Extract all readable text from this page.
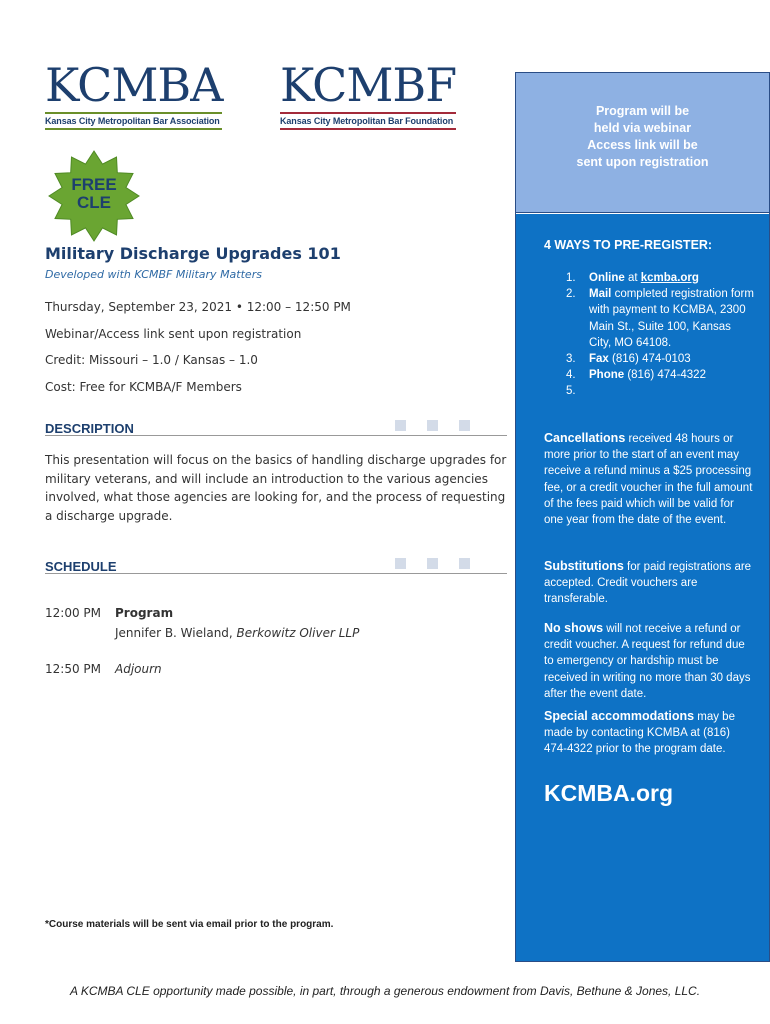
KCMBA
Kansas City Metropolitan Bar Association
KCMBF
Kansas City Metropolitan Bar Foundation
FREE
CLE
Military Discharge Upgrades 101
Developed with KCMBF Military Matters
Thursday, September 23, 2021 • 12:00 – 12:50 PM
Webinar/Access link sent upon registration
Credit: Missouri – 1.0 / Kansas – 1.0
Cost: Free for KCMBA/F Members
DESCRIPTION
This presentation will focus on the basics of handling discharge upgrades for military veterans, and will include an introduction to the various agencies involved, what those agencies are looking for, and the process of requesting a discharge upgrade.
SCHEDULE
12:00 PM	Program
Jennifer B. Wieland, Berkowitz Oliver LLP
12:50 PM	Adjourn
*Course materials will be sent via email prior to the program.
Program will be
held via webinar
Access link will be
sent upon registration
4 WAYS TO PRE-REGISTER:
1. Online at kcmba.org
2. Mail completed registration form with payment to KCMBA, 2300 Main St., Suite 100, Kansas City, MO 64108.
3. Fax (816) 474-0103
4. Phone (816) 474-4322
5.

Cancellations received 48 hours or more prior to the start of an event may receive a refund minus a $25 processing fee, or a credit voucher in the full amount of the fees paid which will be valid for one year from the date of the event.
Substitutions for paid registrations are accepted. Credit vouchers are transferable.
No shows will not receive a refund or credit voucher. A request for refund due to emergency or hardship must be received in writing no more than 30 days after the event date.
Special accommodations may be made by contacting KCMBA at (816) 474-4322 prior to the program date.
KCMBA.org
A KCMBA CLE opportunity made possible, in part, through a generous endowment from Davis, Bethune & Jones, LLC.
